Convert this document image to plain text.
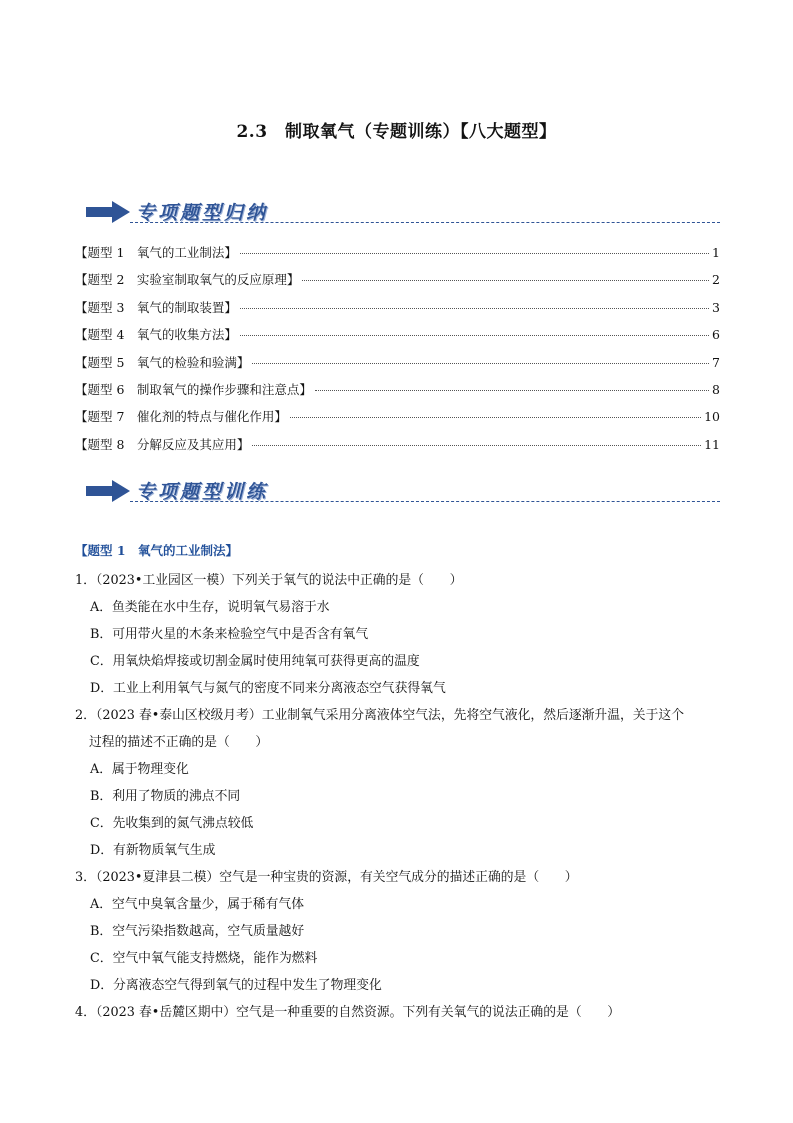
2.3　制取氧气（专题训练）【八大题型】
专项题型归纳
【题型 1　氧气的工业制法】	1
【题型 2　实验室制取氧气的反应原理】	2
【题型 3　氧气的制取装置】	3
【题型 4　氧气的收集方法】	6
【题型 5　氧气的检验和验满】	7
【题型 6　制取氧气的操作步骤和注意点】	8
【题型 7　催化剂的特点与催化作用】	10
【题型 8　分解反应及其应用】	11
专项题型训练
【题型 1　氧气的工业制法】
1．（2023•工业园区一模）下列关于氧气的说法中正确的是（　　）
A．鱼类能在水中生存，说明氧气易溶于水
B．可用带火星的木条来检验空气中是否含有氧气
C．用氧炔焰焊接或切割金属时使用纯氧可获得更高的温度
D．工业上利用氧气与氮气的密度不同来分离液态空气获得氧气
2．（2023 春•泰山区校级月考）工业制氧气采用分离液体空气法，先将空气液化，然后逐渐升温，关于这个
过程的描述不正确的是（　　）
A．属于物理变化
B．利用了物质的沸点不同
C．先收集到的氮气沸点较低
D．有新物质氧气生成
3．（2023•夏津县二模）空气是一种宝贵的资源，有关空气成分的描述正确的是（　　）
A．空气中臭氧含量少，属于稀有气体
B．空气污染指数越高，空气质量越好
C．空气中氧气能支持燃烧，能作为燃料
D．分离液态空气得到氧气的过程中发生了物理变化
4．（2023 春•岳麓区期中）空气是一种重要的自然资源。下列有关氧气的说法正确的是（　　）
